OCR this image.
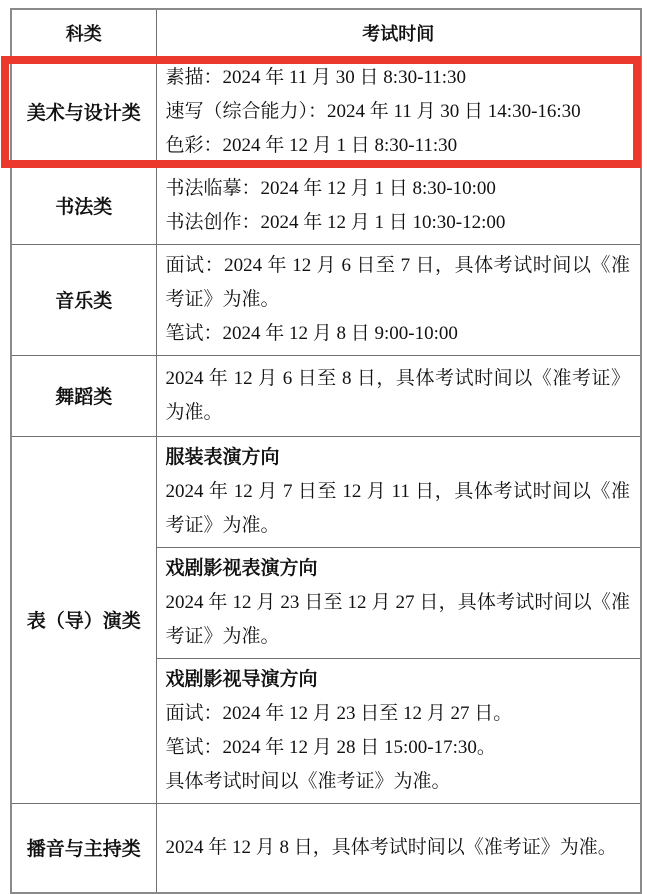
科类	考试时间
美术与设计类	素描：2024 年 11 月 30 日 8:30-11:30
速写（综合能力）：2024 年 11 月 30 日 14:30-16:30
色彩：2024 年 12 月 1 日 8:30-11:30

书法类	书法临摹：2024 年 12 月 1 日 8:30-10:00
书法创作：2024 年 12 月 1 日 10:30-12:00

音乐类	面试：2024 年 12 月 6 日至 7 日，具体考试时间以《准考证》为准。
笔试：2024 年 12 月 8 日 9:00-10:00

舞蹈类	2024 年 12 月 6 日至 8 日，具体考试时间以《准考证》为准。

表（导）演类	服装表演方向
2024 年 12 月 7 日至 12 月 11 日，具体考试时间以《准考证》为准。

	戏剧影视表演方向
2024 年 12 月 23 日至 12 月 27 日，具体考试时间以《准考证》为准。

	戏剧影视导演方向
面试：2024 年 12 月 23 日至 12 月 27 日。
笔试：2024 年 12 月 28 日 15:00-17:30。
具体考试时间以《准考证》为准。

播音与主持类	2024 年 12 月 8 日，具体考试时间以《准考证》为准。
